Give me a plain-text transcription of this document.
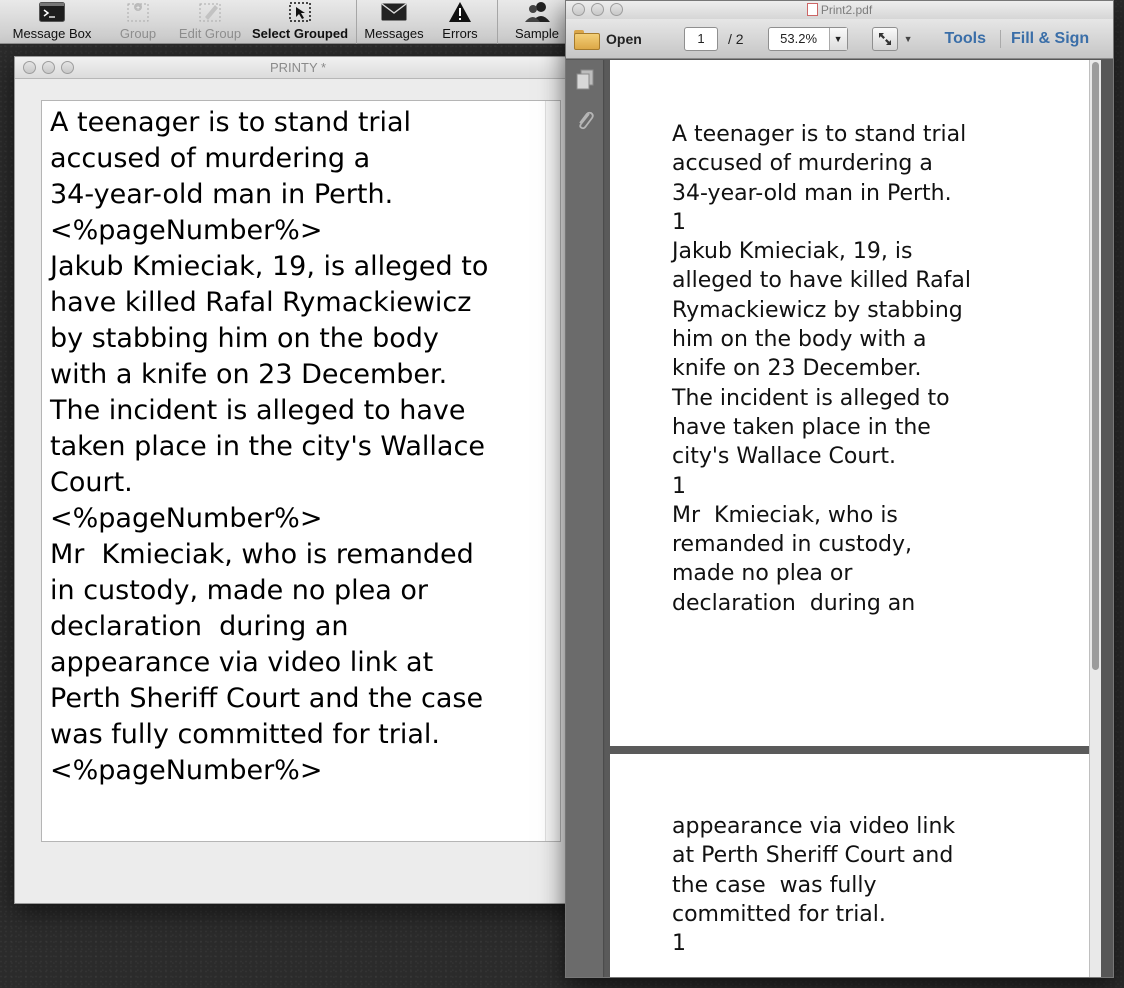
Message Box
+
Group Edit Group Select Grouped Messages Errors	Sample
PRINTY *
A teenager is to stand trial
accused of murdering a
34-year-old man in Perth.
<%pageNumber%>
Jakub Kmieciak, 19, is alleged to
have killed Rafal Rymackiewicz
by stabbing him on the body
with a knife on 23 December.
The incident is alleged to have
taken place in the city's Wallace
Court.
<%pageNumber%>
Mr  Kmieciak, who is remanded
in custody, made no plea or
declaration  during an
appearance via video link at
Perth Sheriff Court and the case
was fully committed for trial.
<%pageNumber%>
Print2.pdf
Open	1	/ 2	53.2%	▼	▼ Tools	Fill & Sign
A teenager is to stand trial
accused of murdering a
34-year-old man in Perth.
1
Jakub Kmieciak, 19, is
alleged to have killed Rafal
Rymackiewicz by stabbing
him on the body with a
knife on 23 December.
The incident is alleged to
have taken place in the
city's Wallace Court.
1
Mr  Kmieciak, who is
remanded in custody,
made no plea or
declaration  during an
appearance via video link
at Perth Sheriff Court and
the case  was fully
committed for trial.
1
